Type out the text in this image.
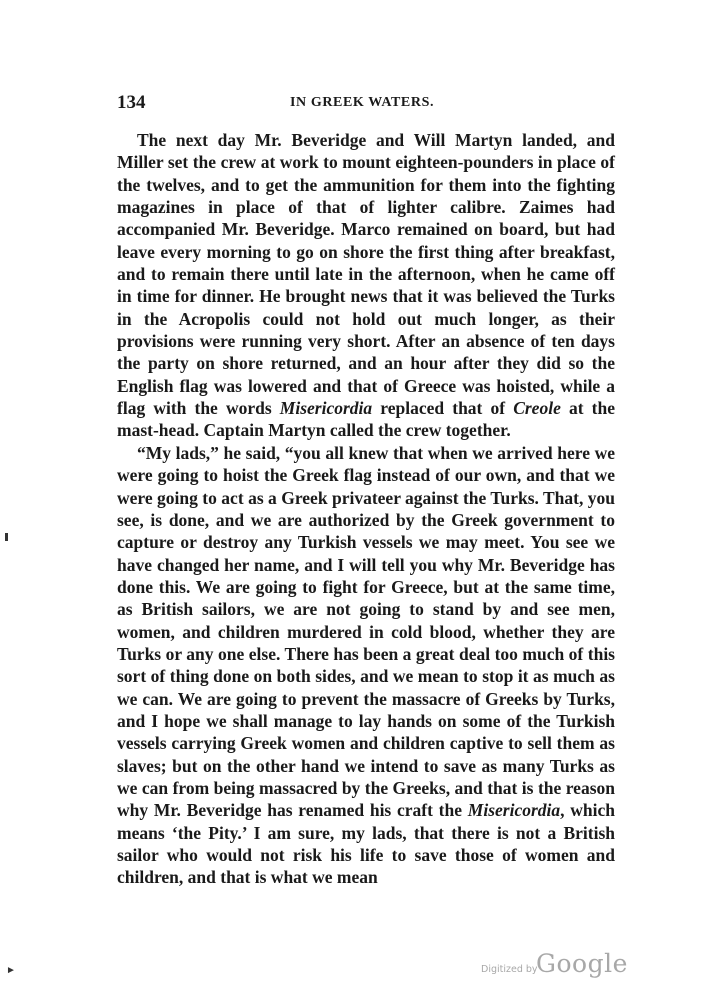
134	IN GREEK WATERS.

The next day Mr. Beveridge and Will Martyn landed, and Miller set the crew at work to mount eighteen-pounders in place of the twelves, and to get the ammunition for them into the fighting magazines in place of that of lighter calibre. Zaimes had accompanied Mr. Beveridge. Marco remained on board, but had leave every morning to go on shore the first thing after breakfast, and to remain there until late in the afternoon, when he came off in time for dinner. He brought news that it was believed the Turks in the Acropolis could not hold out much longer, as their provisions were running very short. After an absence of ten days the party on shore returned, and an hour after they did so the English flag was lowered and that of Greece was hoisted, while a flag with the words Misericordia replaced that of Creole at the mast-head. Captain Martyn called the crew together.

“My lads,” he said, “you all knew that when we arrived here we were going to hoist the Greek flag instead of our own, and that we were going to act as a Greek privateer against the Turks. That, you see, is done, and we are authorized by the Greek government to capture or destroy any Turkish vessels we may meet. You see we have changed her name, and I will tell you why Mr. Beveridge has done this. We are going to fight for Greece, but at the same time, as British sailors, we are not going to stand by and see men, women, and children murdered in cold blood, whether they are Turks or any one else. There has been a great deal too much of this sort of thing done on both sides, and we mean to stop it as much as we can. We are going to prevent the massacre of Greeks by Turks, and I hope we shall manage to lay hands on some of the Turkish vessels carrying Greek women and children captive to sell them as slaves; but on the other hand we intend to save as many Turks as we can from being massacred by the Greeks, and that is the reason why Mr. Beveridge has renamed his craft the Misericordia, which means ‘the Pity.’ I am sure, my lads, that there is not a British sailor who would not risk his life to save those of women and children, and that is what we mean

►	Digitized by
Google
